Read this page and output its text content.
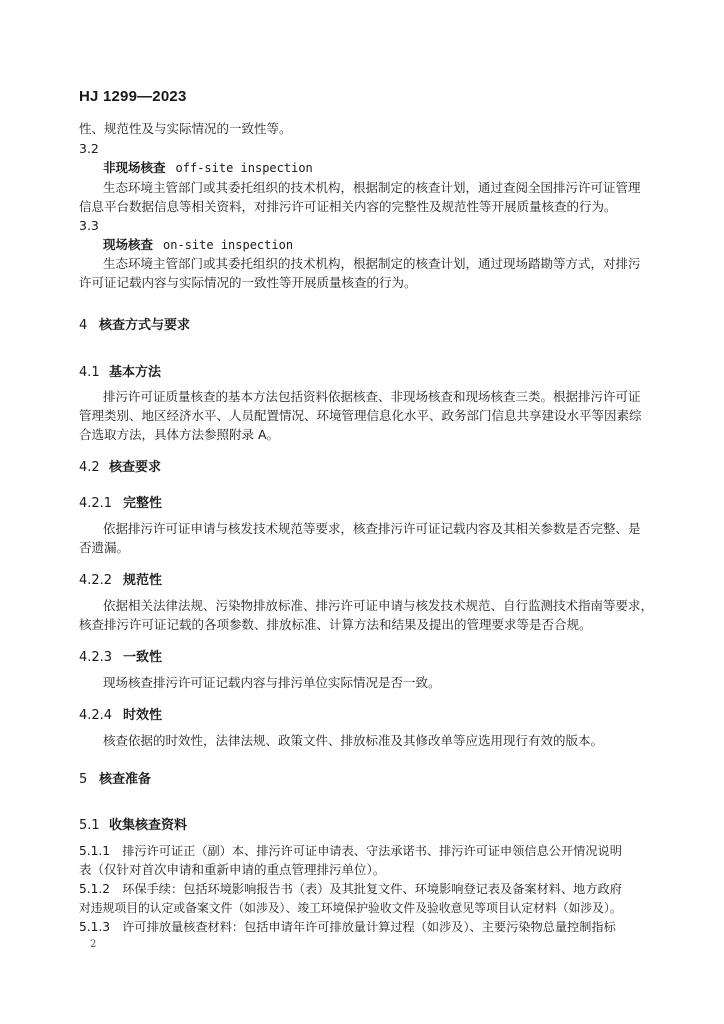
HJ 1299—2023
性、规范性及与实际情况的一致性等。
3.2
非现场核查 off-site inspection
生态环境主管部门或其委托组织的技术机构，根据制定的核查计划，通过查阅全国排污许可证管理
信息平台数据信息等相关资料，对排污许可证相关内容的完整性及规范性等开展质量核查的行为。
3.3
现场核查 on-site inspection
生态环境主管部门或其委托组织的技术机构，根据制定的核查计划，通过现场踏勘等方式，对排污
许可证记载内容与实际情况的一致性等开展质量核查的行为。
4 核查方式与要求
4.1 基本方法
排污许可证质量核查的基本方法包括资料依据核查、非现场核查和现场核查三类。根据排污许可证
管理类别、地区经济水平、人员配置情况、环境管理信息化水平、政务部门信息共享建设水平等因素综
合选取方法，具体方法参照附录 A。
4.2 核查要求
4.2.1 完整性
依据排污许可证申请与核发技术规范等要求，核查排污许可证记载内容及其相关参数是否完整、是
否遗漏。
4.2.2 规范性
依据相关法律法规、污染物排放标准、排污许可证申请与核发技术规范、自行监测技术指南等要求，
核查排污许可证记载的各项参数、排放标准、计算方法和结果及提出的管理要求等是否合规。
4.2.3 一致性
现场核查排污许可证记载内容与排污单位实际情况是否一致。
4.2.4 时效性
核查依据的时效性，法律法规、政策文件、排放标准及其修改单等应选用现行有效的版本。
5 核查准备
5.1 收集核查资料
5.1.1　排污许可证正（副）本、排污许可证申请表、守法承诺书、排污许可证申领信息公开情况说明
表（仅针对首次申请和重新申请的重点管理排污单位）。
5.1.2　环保手续：包括环境影响报告书（表）及其批复文件、环境影响登记表及备案材料、地方政府
对违规项目的认定或备案文件（如涉及）、竣工环境保护验收文件及验收意见等项目认定材料（如涉及）。
5.1.3　许可排放量核查材料：包括申请年许可排放量计算过程（如涉及）、主要污染物总量控制指标
2
